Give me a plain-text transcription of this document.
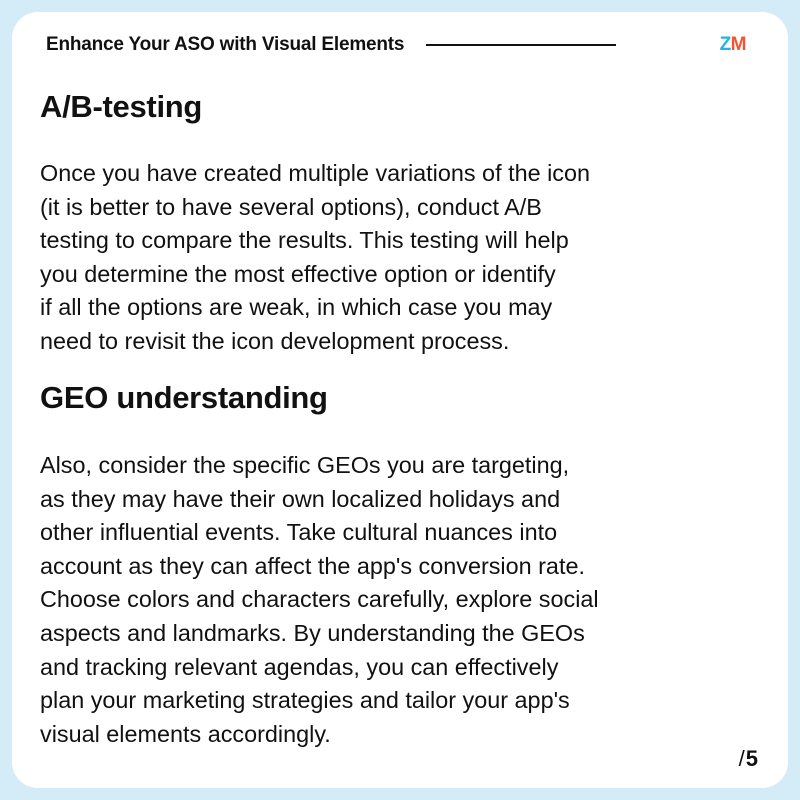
Enhance Your ASO with Visual Elements	ZM
A/B-testing
Once you have created multiple variations of the icon
(it is better to have several options), conduct A/B
testing to compare the results. This testing will help
you determine the most effective option or identify
if all the options are weak, in which case you may
need to revisit the icon development process.
GEO understanding
Also, consider the specific GEOs you are targeting,
as they may have their own localized holidays and
other influential events. Take cultural nuances into
account as they can affect the app's conversion rate.
Choose colors and characters carefully, explore social
aspects and landmarks. By understanding the GEOs
and tracking relevant agendas, you can effectively
plan your marketing strategies and tailor your app's
visual elements accordingly.
/5
